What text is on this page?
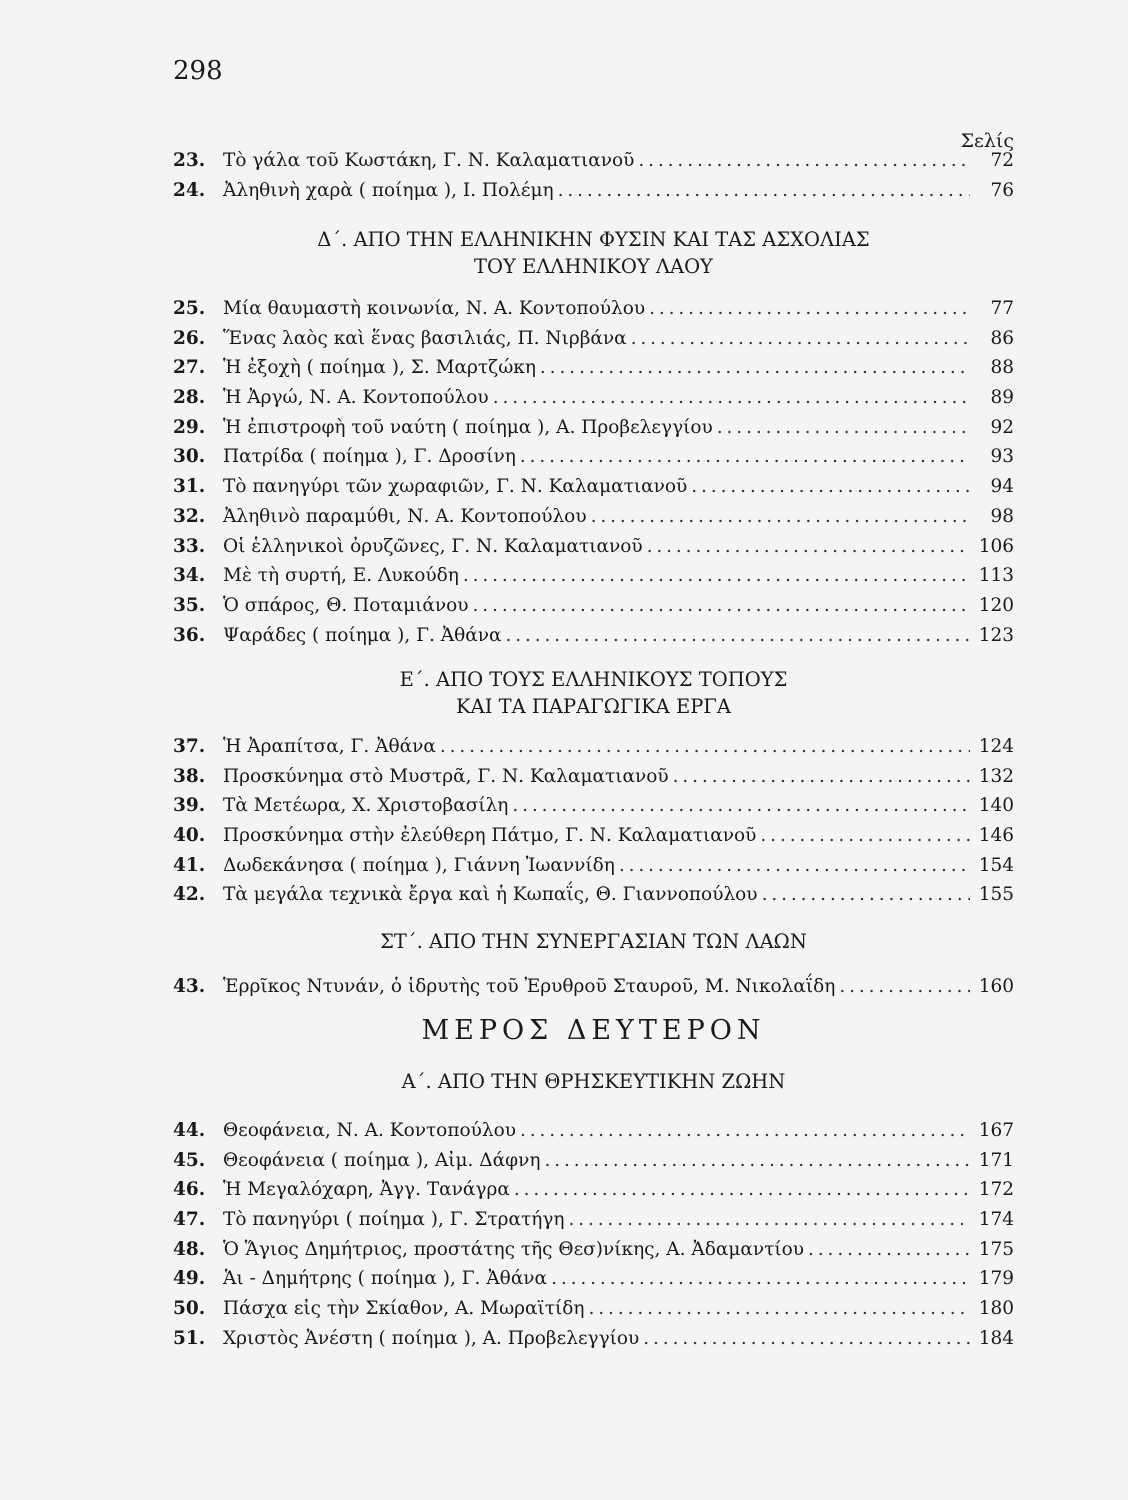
298
Σελίς
23. Τὸ γάλα τοῦ Κωστάκη, Γ. Ν. Καλαματιανοῦ . . .	72
24. Ἀληθινὴ χαρὰ ( ποίημα ), Ι. Πολέμη . . .	76
Δ΄. ΑΠΟ ΤΗΝ ΕΛΛΗΝΙΚΗΝ ΦΥΣΙΝ ΚΑΙ ΤΑΣ ΑΣΧΟΛΙΑΣ
ΤΟΥ ΕΛΛΗΝΙΚΟΥ ΛΑΟΥ
25. Μία θαυμαστὴ κοινωνία, Ν. Α. Κοντοπούλου . . .	77
26. Ἕνας λαὸς καὶ ἕνας βασιλιάς, Π. Νιρβάνα . . .	86
27. Ἡ ἐξοχὴ ( ποίημα ), Σ. Μαρτζώκη . . .	88
28. Ἡ Ἀργώ, Ν. Α. Κοντοπούλου . . .	89
29. Ἡ ἐπιστροφὴ τοῦ ναύτη ( ποίημα ), Α. Προβελεγγίου . . .	92
30. Πατρίδα ( ποίημα ), Γ. Δροσίνη . . .	93
31. Τὸ πανηγύρι τῶν χωραφιῶν, Γ. Ν. Καλαματιανοῦ . . .	94
32. Ἀληθινὸ παραμύθι, Ν. Α. Κοντοπούλου . . .	98
33. Οἱ ἑλληνικοὶ ὀρυζῶνες, Γ. Ν. Καλαματιανοῦ . . .	106
34. Μὲ τὴ συρτή, Ε. Λυκούδη . . .	113
35. Ὁ σπάρος, Θ. Ποταμιάνου . . .	120
36. Ψαράδες ( ποίημα ), Γ. Ἀθάνα . . .	123
Ε΄. ΑΠΟ ΤΟΥΣ ΕΛΛΗΝΙΚΟΥΣ ΤΟΠΟΥΣ
ΚΑΙ ΤΑ ΠΑΡΑΓΩΓΙΚΑ ΕΡΓΑ
37. Ἡ Ἀραπίτσα, Γ. Ἀθάνα . . .	124
38. Προσκύνημα στὸ Μυστρᾶ, Γ. Ν. Καλαματιανοῦ . . .	132
39. Τὰ Μετέωρα, Χ. Χριστοβασίλη . . .	140
40. Προσκύνημα στὴν ἐλεύθερη Πάτμο, Γ. Ν. Καλαματιανοῦ . . .	146
41. Δωδεκάνησα ( ποίημα ), Γιάννη Ἰωαννίδη . . .	154
42. Τὰ μεγάλα τεχνικὰ ἔργα καὶ ἡ Κωπαΐς, Θ. Γιαννοπούλου . . .	155
ΣΤ΄. ΑΠΟ ΤΗΝ ΣΥΝΕΡΓΑΣΙΑΝ ΤΩΝ ΛΑΩΝ
43. Ἑρρῖκος Ντυνάν, ὁ ἱδρυτὴς τοῦ Ἐρυθροῦ Σταυροῦ, Μ. Νικολαΐδη . . .	160
ΜΕΡΟΣ ΔΕΥΤΕΡΟΝ
Α΄. ΑΠΟ ΤΗΝ ΘΡΗΣΚΕΥΤΙΚΗΝ ΖΩΗΝ
44. Θεοφάνεια, Ν. Α. Κοντοπούλου . . .	167
45. Θεοφάνεια ( ποίημα ), Αἰμ. Δάφνη . . .	171
46. Ἡ Μεγαλόχαρη, Ἀγγ. Τανάγρα . . .	172
47. Τὸ πανηγύρι ( ποίημα ), Γ. Στρατήγη . . .	174
48. Ὁ Ἅγιος Δημήτριος, προστάτης τῆς Θεσ)νίκης, Α. Ἀδαμαντίου . . .	175
49. Ἁι - Δημήτρης ( ποίημα ), Γ. Ἀθάνα . . .	179
50. Πάσχα εἰς τὴν Σκίαθον, Α. Μωραϊτίδη . . .	180
51. Χριστὸς Ἀνέστη ( ποίημα ), Α. Προβελεγγίου . . .	184
